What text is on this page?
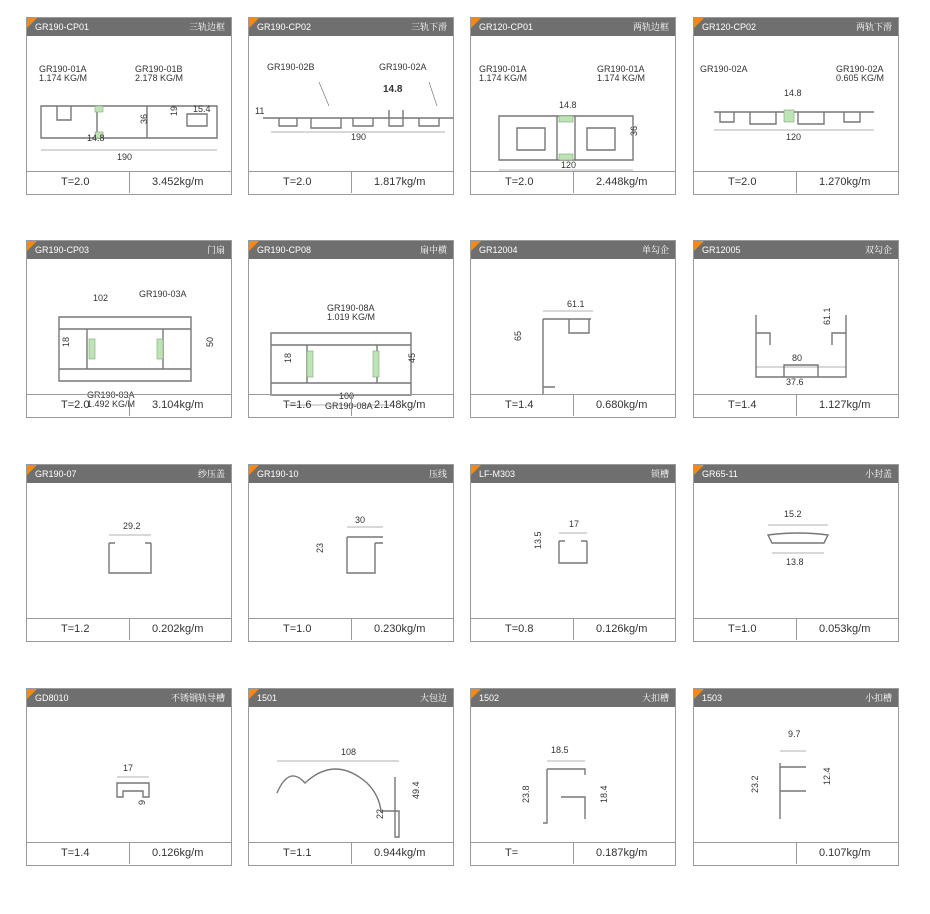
GR190-CP01	三轨边框
GR190-01A
1.174 KG/M
GR190-01B
2.178 KG/M
36
19 15.4
14.8
190
T=2.0	3.452kg/m
GR190-CP02	三轨下滑
GR190-02B	GR190-02A
14.8
11
190
T=2.0	1.817kg/m
GR120-CP01	两轨边框
GR190-01A
1.174 KG/M
GR190-01A
1.174 KG/M
14.8
36
120
T=2.0	2.448kg/m
GR120-CP02	两轨下滑
GR190-02A	GR190-02A
0.605 KG/M
14.8
120
T=2.0	1.270kg/m
GR190-CP03	门扇
102	GR190-03A
18	50
GR190-03A
1.492 KG/M
T=2.0	3.104kg/m
GR190-CP08	扇中横
GR190-08A
1.019 KG/M
18	45
100
GR190-08A
T=1.6	2.148kg/m
GR12004	单勾企
61.1
65
T=1.4	0.680kg/m
GR12005	双勾企
61.1
80
37.6
T=1.4	1.127kg/m
GR190-07	纱压盖
29.2
T=1.2	0.202kg/m
GR190-10	压线
30
23
T=1.0	0.230kg/m
LF-M303	锁槽
17
13.5
T=0.8	0.126kg/m
GR65-11	小封盖
15.2
13.8
T=1.0	0.053kg/m
GD8010	不锈钢轨导槽
17
9
T=1.4	0.126kg/m
1501	大包边
108
49.4
22
T=1.1	0.944kg/m
1502	大扣槽
18.5
23.8	18.4
T=	0.187kg/m
1503	小扣槽
9.7
23.2	12.4
0.107kg/m
